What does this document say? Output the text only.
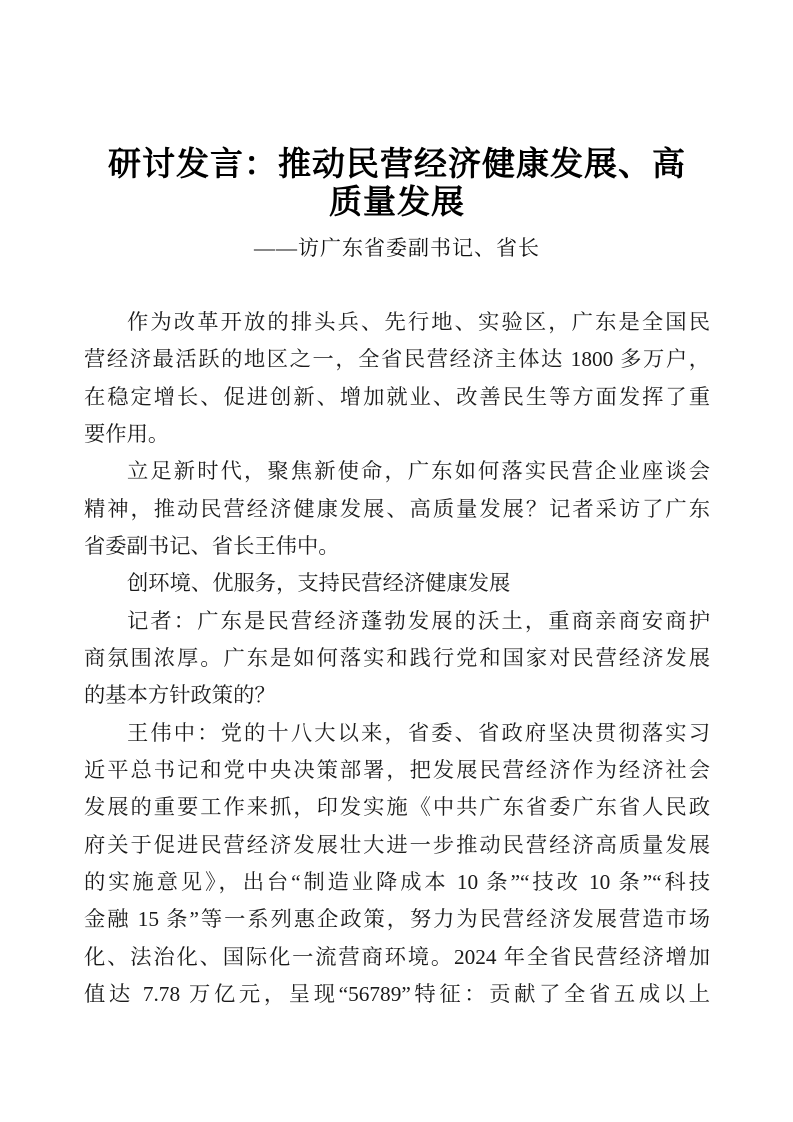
研讨发言：推动民营经济健康发展、高
质量发展
——访广东省委副书记、省长
作为改革开放的排头兵、先行地、实验区，广东是全国民
营经济最活跃的地区之一，全省民营经济主体达 1800 多万户，
在稳定增长、促进创新、增加就业、改善民生等方面发挥了重
要作用。
立足新时代，聚焦新使命，广东如何落实民营企业座谈会
精神，推动民营经济健康发展、高质量发展？记者采访了广东
省委副书记、省长王伟中。
创环境、优服务，支持民营经济健康发展
记者：广东是民营经济蓬勃发展的沃土，重商亲商安商护
商氛围浓厚。广东是如何落实和践行党和国家对民营经济发展
的基本方针政策的？
王伟中：党的十八大以来，省委、省政府坚决贯彻落实习
近平总书记和党中央决策部署，把发展民营经济作为经济社会
发展的重要工作来抓，印发实施《中共广东省委广东省人民政
府关于促进民营经济发展壮大进一步推动民营经济高质量发展
的实施意见》，出台“制造业降成本 10 条”“技改 10 条”“科技
金融 15 条”等一系列惠企政策，努力为民营经济发展营造市场
化、法治化、国际化一流营商环境。2024 年全省民营经济增加
值达 7.78 万亿元，呈现“56789”特征：贡献了全省五成以上
